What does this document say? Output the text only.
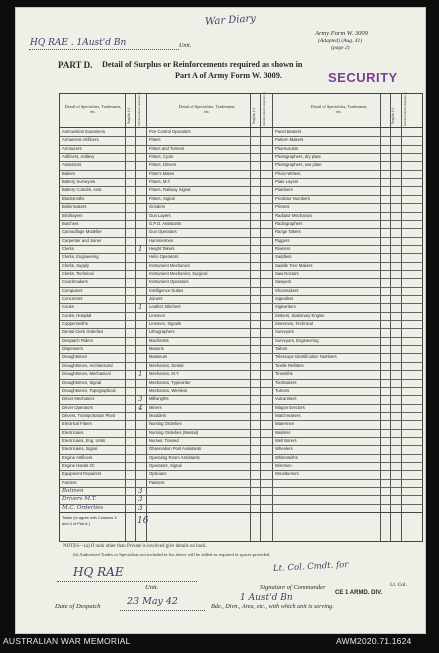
War Diary
Army Form W. 3009
(Adapted) (Aug. 41)
(page 2)
HQ RAE . 1Aust'd Bn	Unit.
PART D. Detail of Surplus or Reinforcements required as shown in
Part A of Army Form W. 3009.	SECURITY
Detail of Specialists, Tradesmen, etc.	Surplus (+) Reinforcements required (–)	Detail of Specialists, Tradesmen, etc.	Surplus (+) Reinforcements required (–)	Detail of Specialists, Tradesmen, etc.	Surplus (+)	Reinforcements required (–)
Ammunition Examiners
Armament Artificers
Armourers
Artificers, Artillery
Assessors
Bakers
Battery Surveyors
Battery Comdrs. Asst.
Blacksmiths
Boilermakers
Bricklayers
Butchers
Camouflage Modeller
Carpenter and Joiner
Clerks	1
Clerks, Engineering
Clerks, Supply
Clerks, Technical
Coachmakers
Computers
Concretors
Cooks	1
Cooks, Hospital
Coppersmiths
Dental Clerk Orderlies
Despatch Riders
Dispensers
Draughtsmen
Draughtsmen, Architectural
Draughtsmen, Mechanical	1
Draughtsmen, Signal
Draughtsmen, Topographical
Driver Mechanics	3
Driver Operators	4
Drivers, Transportation Plant
Electrical Fitters
Electricians
Electricians, Eng. Units
Electricians, Signal
Engine Artificers
Engine Hands I/C
Equipment Repairers
Farriers
Batmen	3
Drivers M.T.	3
M.C. Orderlies	3
Fire Control Operators
Fitters
Fitters and Turners
Fitters, Cycle
Fitters, Drivers
Fitter's Mates
Fitters, M.T.
Fitters, Railway Signal
Fitters, Signal
Grinders
Gun Layers
G.P.O. Assistants
Gun Operators
Hammermen
Height Takers
Helio Operators
Instrument Mechanics
Instrument Mechanics, Surgical
Instrument Operators
Intelligence Duties
Joiners
Leather Stitchers
Linemen
Linemen, Signals
Lithographers
Machinists
Masons
Masseurs
Mechanics, Dental
Mechanics, M.T.
Mechanics, Typewriter
Mechanics, Wireless
Millwrights
Miners
Moulders
Nursing Orderlies
Nursing Orderlies (Mental)
Nurses, Trained
Observation Post Assistants
Operating Room Assistants
Operators, Signal
Opticians
Painters
Panel Beaters
Pattern Makers
Pharmacists
Photographers, dry plate
Photographers, wet plate
Photo-Writers
Plate Layers
Plumbers
Predictor Numbers
Printers
Radiator Mechanics
Radiographers
Range Takers
Riggers
Riveters
Saddlers
Saddle Tree Makers
Saw Doctors
Sawyers
Shoemakers
Signallers
Signwriters
Stokers, Stationary Engine
Storemen, Technical
Surveyors
Surveyors, Engineering
Tailors
Telescope Identification Numbers
Textile Refitters
Tinsmiths
Toolmakers
Turners
Vulcanisers
Wagon Erectors
Watchmakers
Watermen
Welders
Well Borers
Wheelers
Whitesmiths
Wiremen
Woodturners
Totals (to agree with Columns 3 and 4 of Part A.)	16
NOTES—(a) If rank other than Private is involved give details on back.
(b) Authorised Trades or Specialists not included in list above will be added as required in spaces provided.
HQ RAE
Unit.
Lt. Col. Cmdt. for
Signature of Commander	Lt. Col.
CE 1 ARMD. DIV.
1 Aust'd Bn
Date of Despatch	23 May 42	Bde., Divn., Area, etc., with which unit is serving.
AUSTRALIAN WAR MEMORIAL	AWM2020.71.1624
